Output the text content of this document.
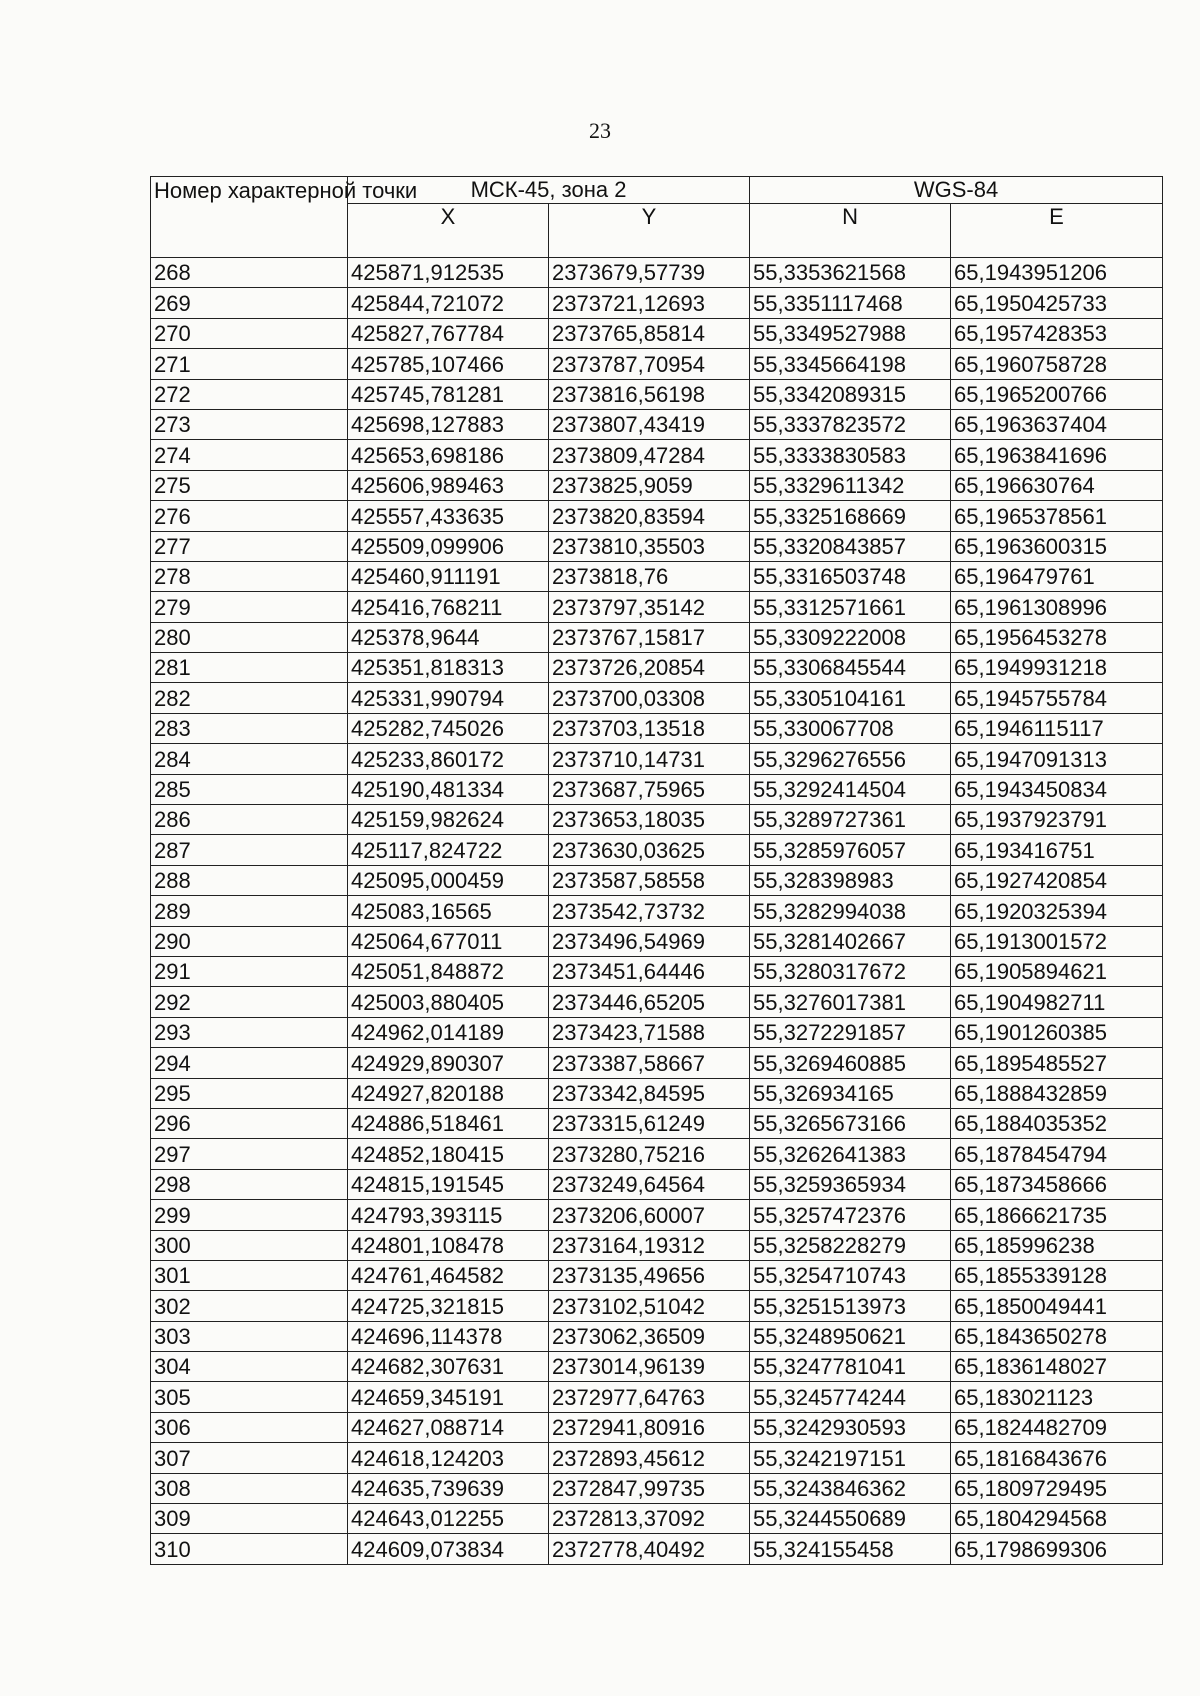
23
Номер характерной точки	МСК-45, зона 2		WGS-84	
	X	Y	N	E
268	425871,912535	2373679,57739	55,3353621568	65,1943951206
269	425844,721072	2373721,12693	55,3351117468	65,1950425733
270	425827,767784	2373765,85814	55,3349527988	65,1957428353
271	425785,107466	2373787,70954	55,3345664198	65,1960758728
272	425745,781281	2373816,56198	55,3342089315	65,1965200766
273	425698,127883	2373807,43419	55,3337823572	65,1963637404
274	425653,698186	2373809,47284	55,3333830583	65,1963841696
275	425606,989463	2373825,9059	55,3329611342	65,196630764
276	425557,433635	2373820,83594	55,3325168669	65,1965378561
277	425509,099906	2373810,35503	55,3320843857	65,1963600315
278	425460,911191	2373818,76	55,3316503748	65,196479761
279	425416,768211	2373797,35142	55,3312571661	65,1961308996
280	425378,9644	2373767,15817	55,3309222008	65,1956453278
281	425351,818313	2373726,20854	55,3306845544	65,1949931218
282	425331,990794	2373700,03308	55,3305104161	65,1945755784
283	425282,745026	2373703,13518	55,330067708	65,1946115117
284	425233,860172	2373710,14731	55,3296276556	65,1947091313
285	425190,481334	2373687,75965	55,3292414504	65,1943450834
286	425159,982624	2373653,18035	55,3289727361	65,1937923791
287	425117,824722	2373630,03625	55,3285976057	65,193416751
288	425095,000459	2373587,58558	55,328398983	65,1927420854
289	425083,16565	2373542,73732	55,3282994038	65,1920325394
290	425064,677011	2373496,54969	55,3281402667	65,1913001572
291	425051,848872	2373451,64446	55,3280317672	65,1905894621
292	425003,880405	2373446,65205	55,3276017381	65,1904982711
293	424962,014189	2373423,71588	55,3272291857	65,1901260385
294	424929,890307	2373387,58667	55,3269460885	65,1895485527
295	424927,820188	2373342,84595	55,326934165	65,1888432859
296	424886,518461	2373315,61249	55,3265673166	65,1884035352
297	424852,180415	2373280,75216	55,3262641383	65,1878454794
298	424815,191545	2373249,64564	55,3259365934	65,1873458666
299	424793,393115	2373206,60007	55,3257472376	65,1866621735
300	424801,108478	2373164,19312	55,3258228279	65,185996238
301	424761,464582	2373135,49656	55,3254710743	65,1855339128
302	424725,321815	2373102,51042	55,3251513973	65,1850049441
303	424696,114378	2373062,36509	55,3248950621	65,1843650278
304	424682,307631	2373014,96139	55,3247781041	65,1836148027
305	424659,345191	2372977,64763	55,3245774244	65,183021123
306	424627,088714	2372941,80916	55,3242930593	65,1824482709
307	424618,124203	2372893,45612	55,3242197151	65,1816843676
308	424635,739639	2372847,99735	55,3243846362	65,1809729495
309	424643,012255	2372813,37092	55,3244550689	65,1804294568
310	424609,073834	2372778,40492	55,324155458	65,1798699306
